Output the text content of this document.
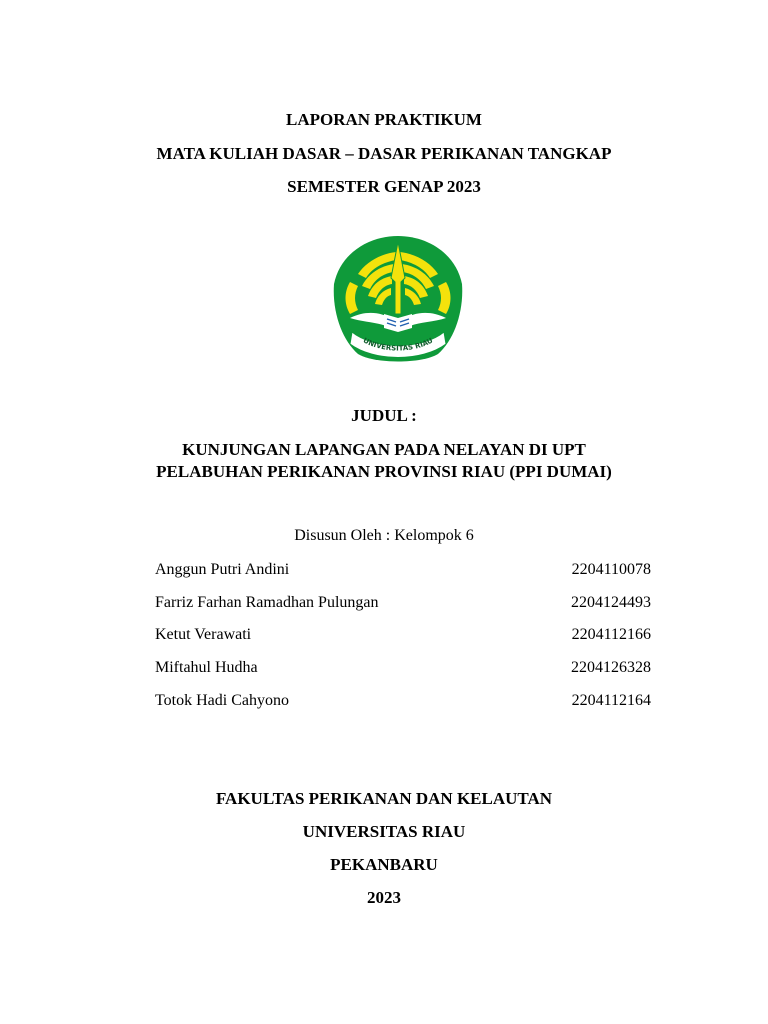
LAPORAN PRAKTIKUM
MATA KULIAH DASAR – DASAR PERIKANAN TANGKAP
SEMESTER GENAP 2023
UNIVERSITAS RIAU
JUDUL :
KUNJUNGAN LAPANGAN PADA NELAYAN DI UPT
PELABUHAN PERIKANAN PROVINSI RIAU (PPI DUMAI)
Disusun Oleh : Kelompok 6
Anggun Putri Andini	2204110078
Farriz Farhan Ramadhan Pulungan	2204124493
Ketut Verawati	2204112166
Miftahul Hudha	2204126328
Totok Hadi Cahyono	2204112164
FAKULTAS PERIKANAN DAN KELAUTAN
UNIVERSITAS RIAU
PEKANBARU
2023
